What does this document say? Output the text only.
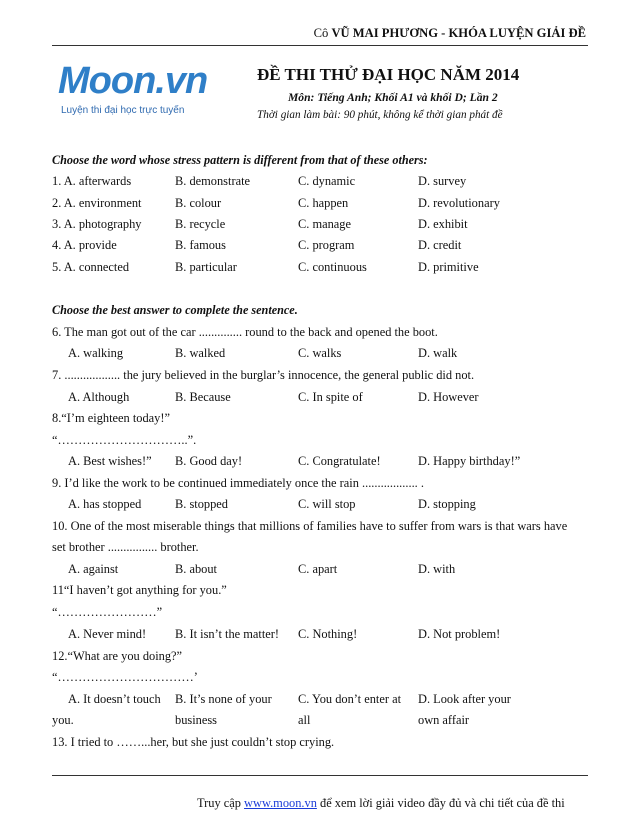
Cô VŨ MAI PHƯƠNG - KHÓA LUYỆN GIẢI ĐỀ
Moon.vn
Luyện thi đại học trực tuyến
ĐỀ THI THỬ ĐẠI HỌC NĂM 2014
Môn: Tiếng Anh; Khối A1 và khối D; Lần 2
Thời gian làm bài: 90 phút, không kể thời gian phát đề
Choose the word whose stress pattern is different from that of these others:
1. A. afterwards	B. demonstrate	C. dynamic	D. survey
2. A. environment	B. colour	C. happen	D. revolutionary
3. A. photography	B. recycle	C. manage	D. exhibit
4. A. provide	B. famous	C. program	D. credit
5. A. connected	B. particular	C. continuous	D. primitive
Choose the best answer to complete the sentence.
6. The man got out of the car .............. round to the back and opened the boot.
A. walking	B. walked	C. walks	D. walk
7. .................. the jury believed in the burglar’s innocence, the general public did not.
A. Although	B. Because	C. In spite of	D. However
8.“I’m eighteen today!”
“…………………………..”.
A. Best wishes!” B. Good day!	C. Congratulate!	D. Happy birthday!”
9. I’d like the work to be continued immediately once the rain .................. .
A. has stopped	B. stopped	C. will stop	D. stopping
10. One of the most miserable things that millions of families have to suffer from wars is that wars have
set brother ................ brother.
A. against	B. about	C. apart	D. with
11“I haven’t got anything for you.”
“……………………”
A. Never mind! B. It isn’t the matter! C. Nothing!	D. Not problem!
12.“What are you doing?”
“……………………………’
A. It doesn’t touch B. It’s none of your C. You don’t enter at D. Look after your
you.	business	all	own affair
13. I tried to ……...her, but she just couldn’t stop crying.
Truy cập www.moon.vn để xem lời giải video đầy đủ và chi tiết của đề thi
